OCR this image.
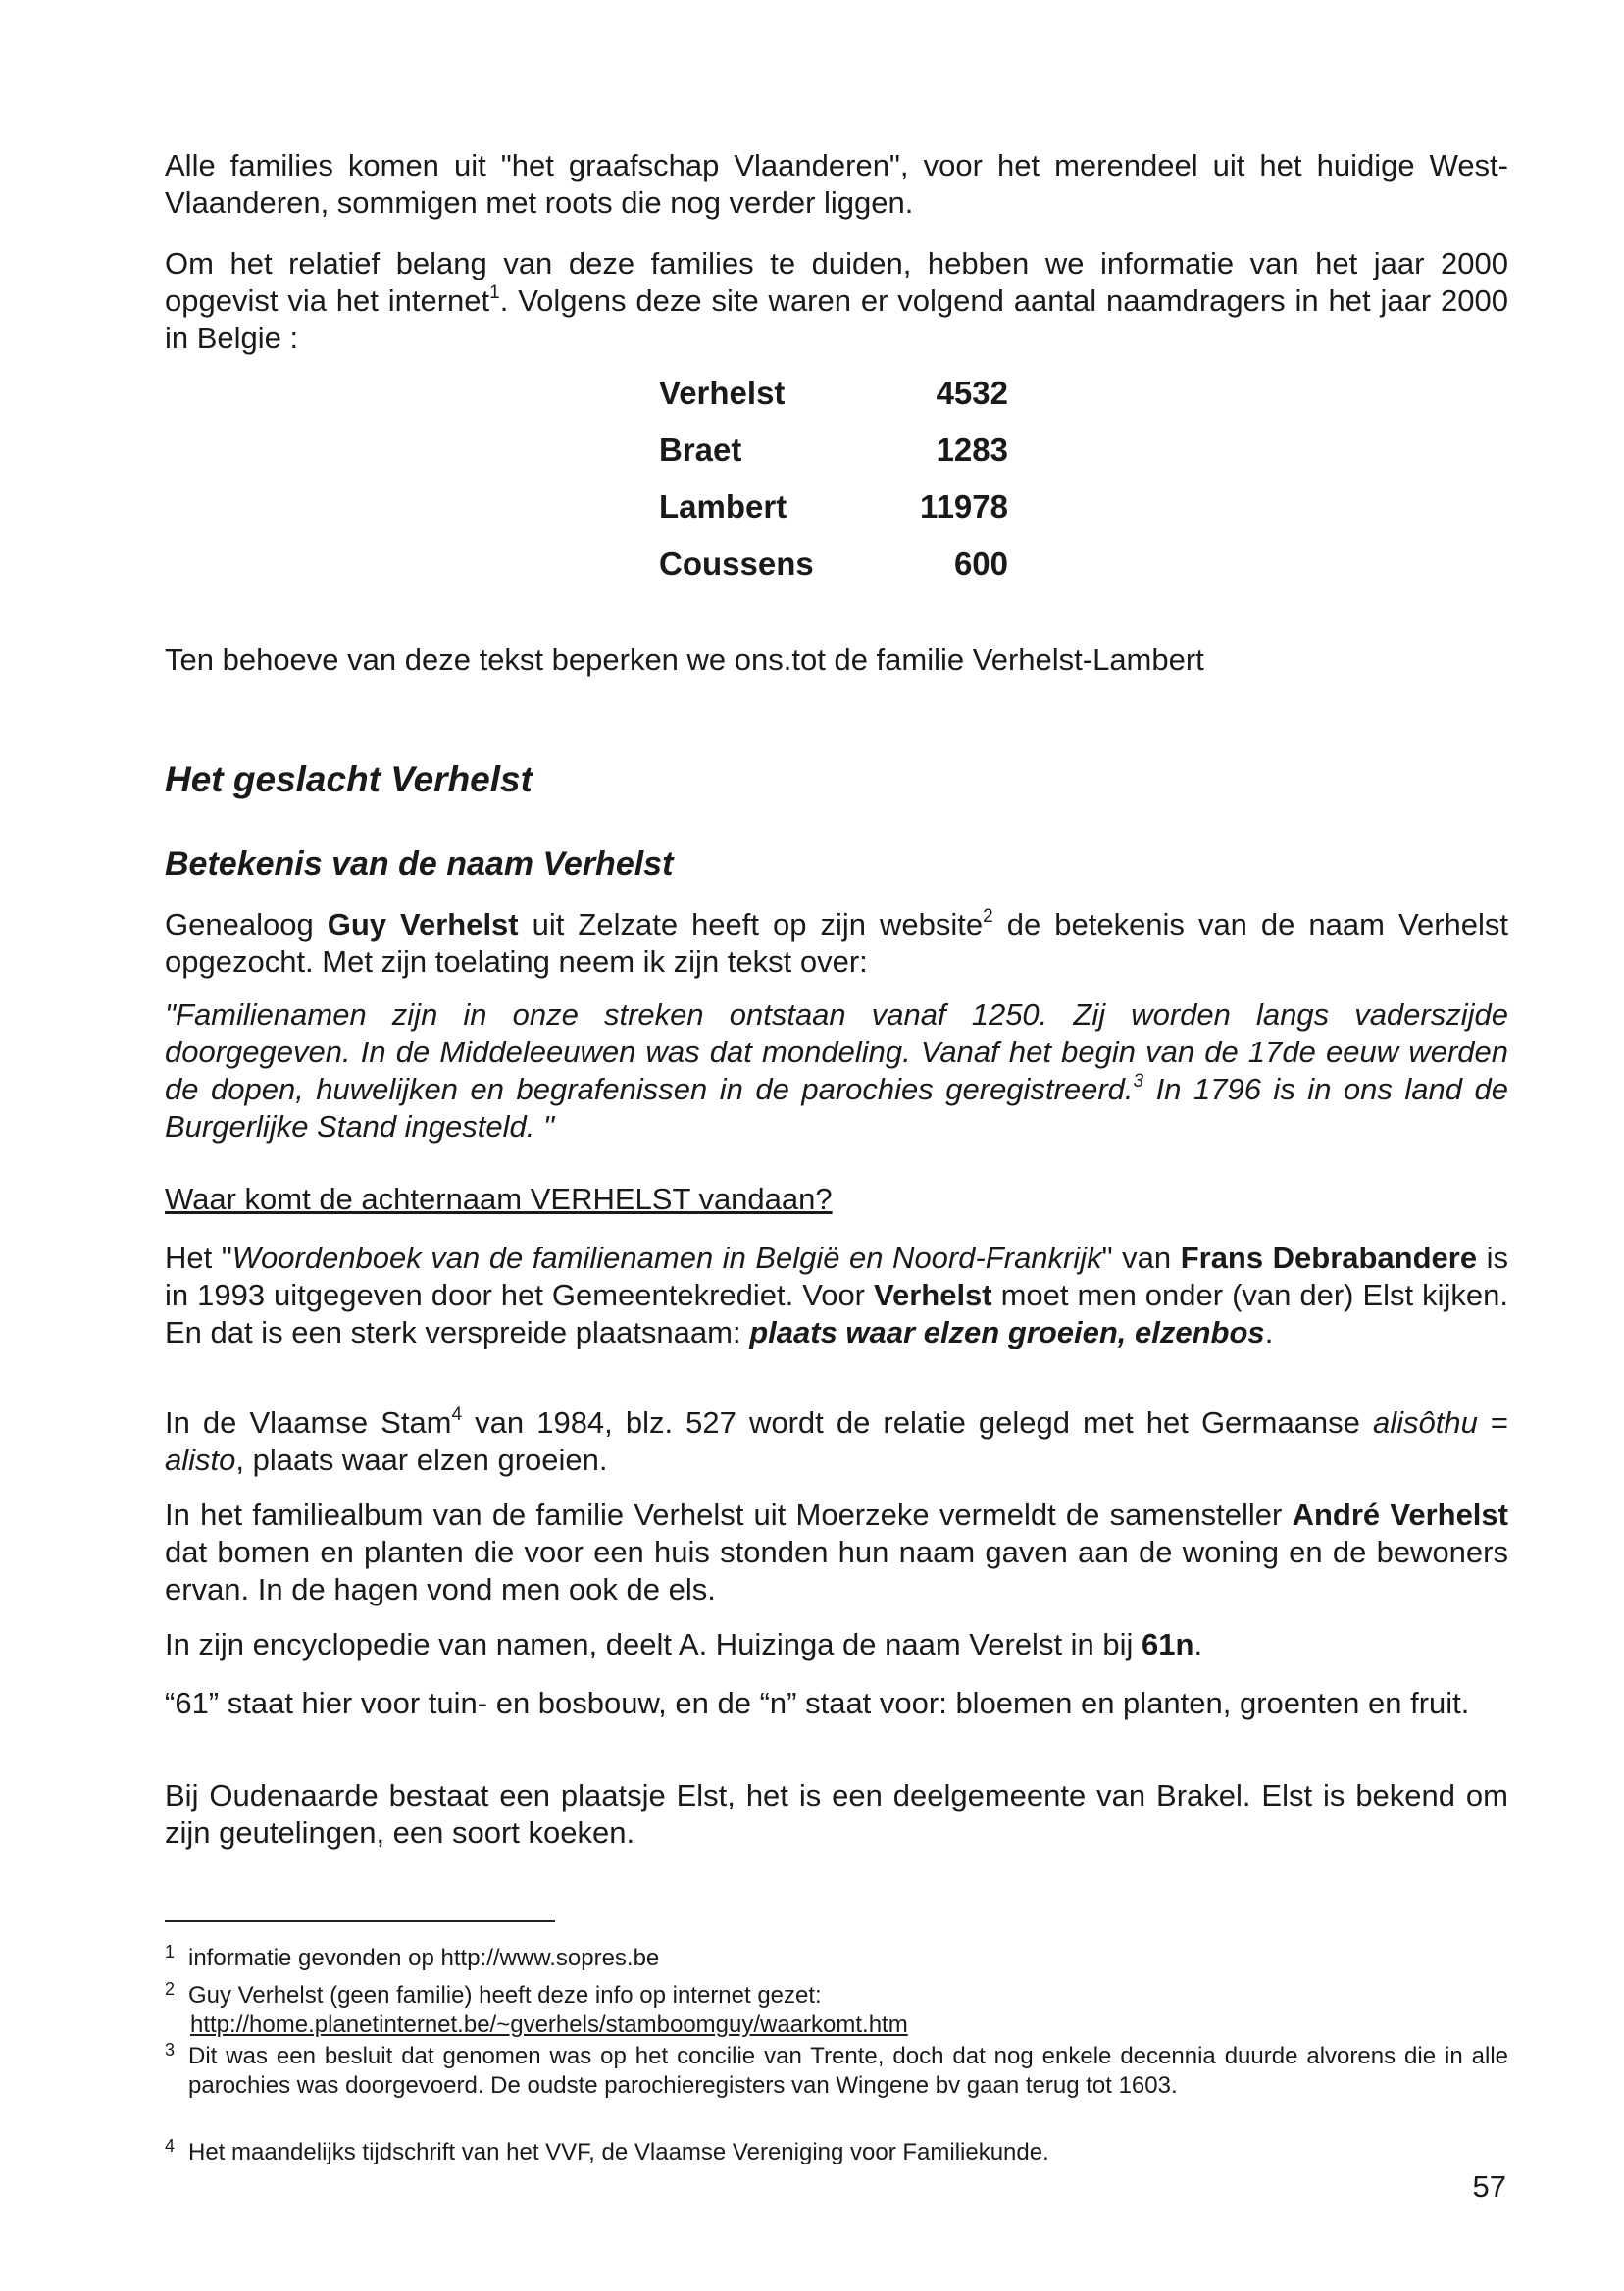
Alle families komen uit "het graafschap Vlaanderen", voor het merendeel uit het huidige West-Vlaanderen, sommigen met roots die nog verder liggen.

Om het relatief belang van deze families te duiden, hebben we informatie van het jaar 2000 opgevist via het internet$^1$. Volgens deze site waren er volgend aantal naamdragers in het jaar 2000 in Belgie :

Verhelst	4532
Braet	1283
Lambert	11978
Coussens	600

Ten behoeve van deze tekst beperken we ons.tot de familie Verhelst-Lambert

Het geslacht Verhelst
Betekenis van de naam Verhelst

Genealoog Guy Verhelst uit Zelzate heeft op zijn website$^2$ de betekenis van de naam Verhelst opgezocht. Met zijn toelating neem ik zijn tekst over:

"Familienamen zijn in onze streken ontstaan vanaf 1250. Zij worden langs vaderszijde doorgegeven. In de Middeleeuwen was dat mondeling. Vanaf het begin van de 17de eeuw werden de dopen, huwelijken en begrafenissen in de parochies geregistreerd.$^3$ In 1796 is in ons land de Burgerlijke Stand ingesteld. "

Waar komt de achternaam VERHELST vandaan?

Het "Woordenboek van de familienamen in België en Noord-Frankrijk" van Frans Debrabandere is in 1993 uitgegeven door het Gemeentekrediet. Voor Verhelst moet men onder (van der) Elst kijken. En dat is een sterk verspreide plaatsnaam: plaats waar elzen groeien, elzenbos.

In de Vlaamse Stam$^4$ van 1984, blz. 527 wordt de relatie gelegd met het Germaanse alisôthu = alisto, plaats waar elzen groeien.

In het familiealbum van de familie Verhelst uit Moerzeke vermeldt de samensteller André Verhelst dat bomen en planten die voor een huis stonden hun naam gaven aan de woning en de bewoners ervan. In de hagen vond men ook de els.

In zijn encyclopedie van namen, deelt A. Huizinga de naam Verelst in bij 61n.

“61” staat hier voor tuin- en bosbouw, en de “n” staat voor: bloemen en planten, groenten en fruit.

Bij Oudenaarde bestaat een plaatsje Elst, het is een deelgemeente van Brakel. Elst is bekend om zijn geutelingen, een soort koeken.

1 informatie gevonden op http://www.sopres.be
2 Guy Verhelst (geen familie) heeft deze info op internet gezet:
http://home.planetinternet.be/~gverhels/stamboomguy/waarkomt.htm
3 Dit was een besluit dat genomen was op het concilie van Trente, doch dat nog enkele decennia duurde alvorens die in alle parochies was doorgevoerd. De oudste parochieregisters van Wingene bv gaan terug tot 1603.
4 Het maandelijks tijdschrift van het VVF, de Vlaamse Vereniging voor Familiekunde.
57
